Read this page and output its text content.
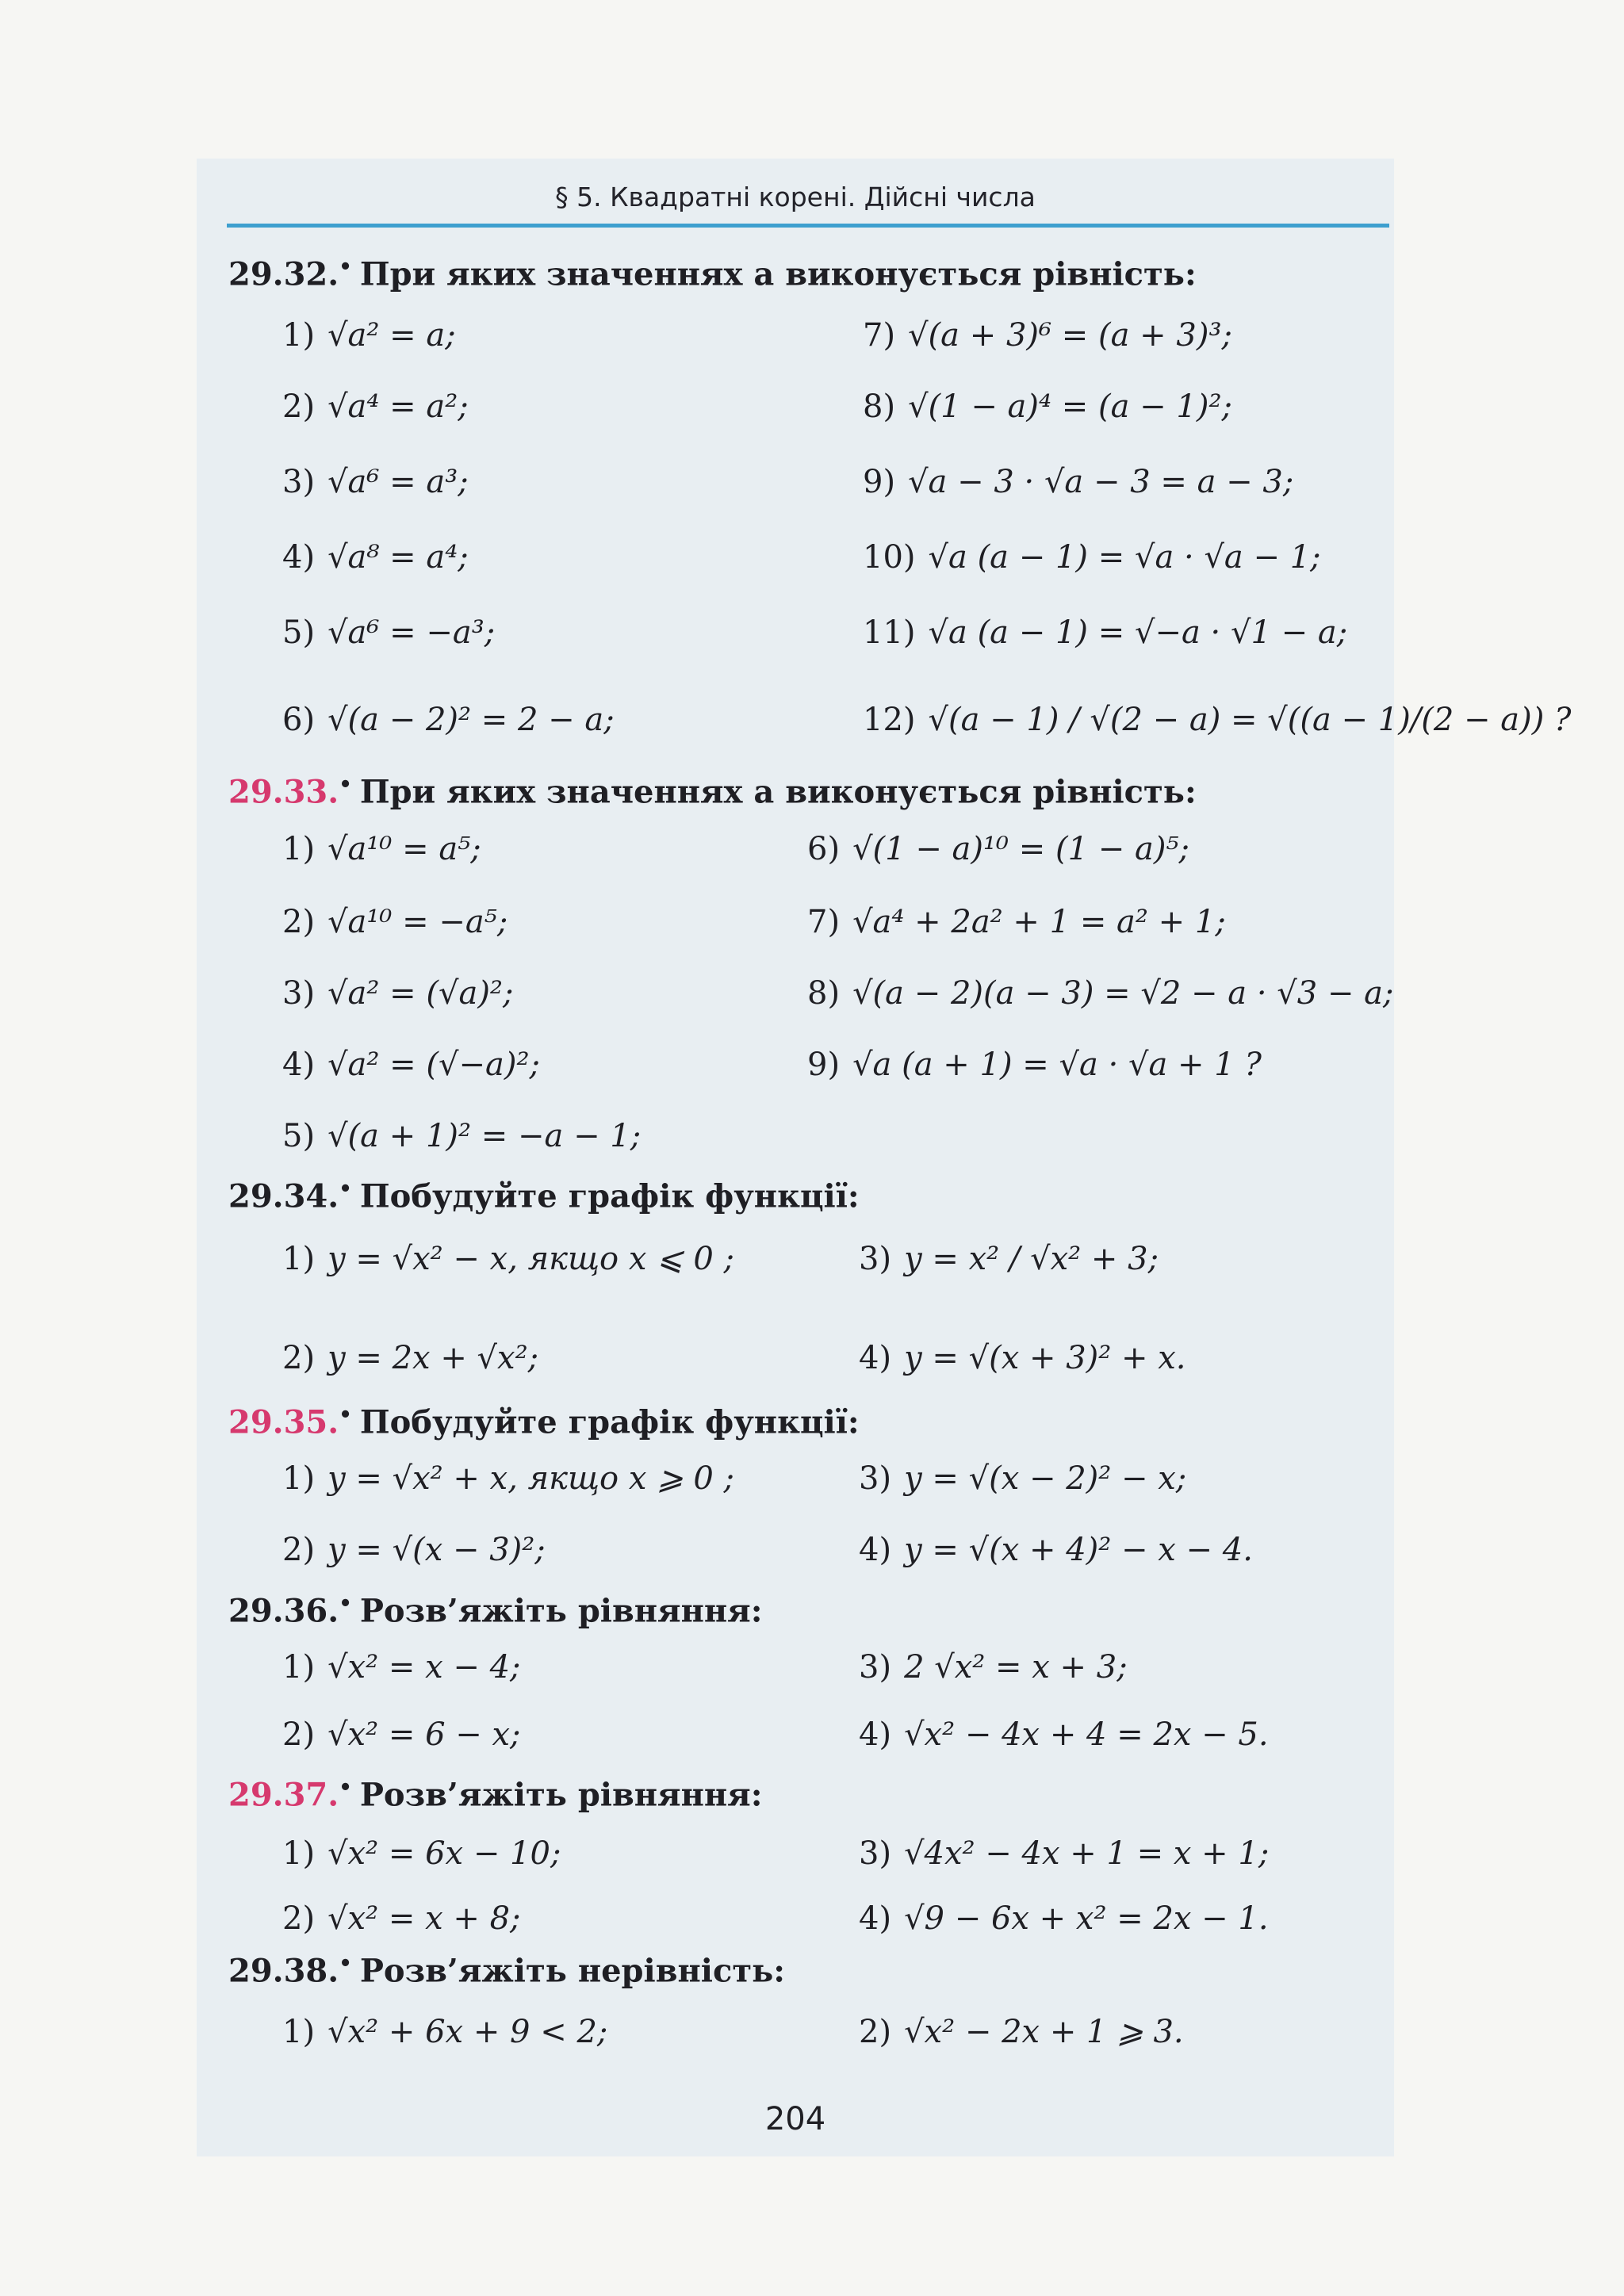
§ 5. Квадратні корені. Дійсні числа
29.32.• При яких значеннях a виконується рівність:
1) √a² = a;	7) √(a + 3)⁶ = (a + 3)³;
2) √a⁴ = a²;	8) √(1 − a)⁴ = (a − 1)²;
3) √a⁶ = a³;	9) √a − 3 · √a − 3 = a − 3;
4) √a⁸ = a⁴;	10) √a (a − 1) = √a · √a − 1;
5) √a⁶ = −a³;	11) √a (a − 1) = √−a · √1 − a;
6) √(a − 2)² = 2 − a;	12) √(a − 1) / √(2 − a) = √((a − 1)/(2 − a)) ?
29.33.• При яких значеннях a виконується рівність:
1) √a¹⁰ = a⁵;	6) √(1 − a)¹⁰ = (1 − a)⁵;
2) √a¹⁰ = −a⁵;	7) √a⁴ + 2a² + 1 = a² + 1;
3) √a² = (√a)²;	8) √(a − 2)(a − 3) = √2 − a · √3 − a;
4) √a² = (√−a)²;	9) √a (a + 1) = √a · √a + 1 ?
5) √(a + 1)² = −a − 1;
29.34.• Побудуйте графік функції:
1) y = √x² − x, якщо x ⩽ 0 ;	3) y = x² / √x² + 3;
2) y = 2x + √x²;	4) y = √(x + 3)² + x.
29.35.• Побудуйте графік функції:
1) y = √x² + x, якщо x ⩾ 0 ;	3) y = √(x − 2)² − x;
2) y = √(x − 3)²;	4) y = √(x + 4)² − x − 4.
29.36.• Розв’яжіть рівняння:
1) √x² = x − 4;	3) 2 √x² = x + 3;
2) √x² = 6 − x;	4) √x² − 4x + 4 = 2x − 5.
29.37.• Розв’яжіть рівняння:
1) √x² = 6x − 10;	3) √4x² − 4x + 1 = x + 1;
2) √x² = x + 8;	4) √9 − 6x + x² = 2x − 1.
29.38.• Розв’яжіть нерівність:
1) √x² + 6x + 9 < 2;	2) √x² − 2x + 1 ⩾ 3.
204
